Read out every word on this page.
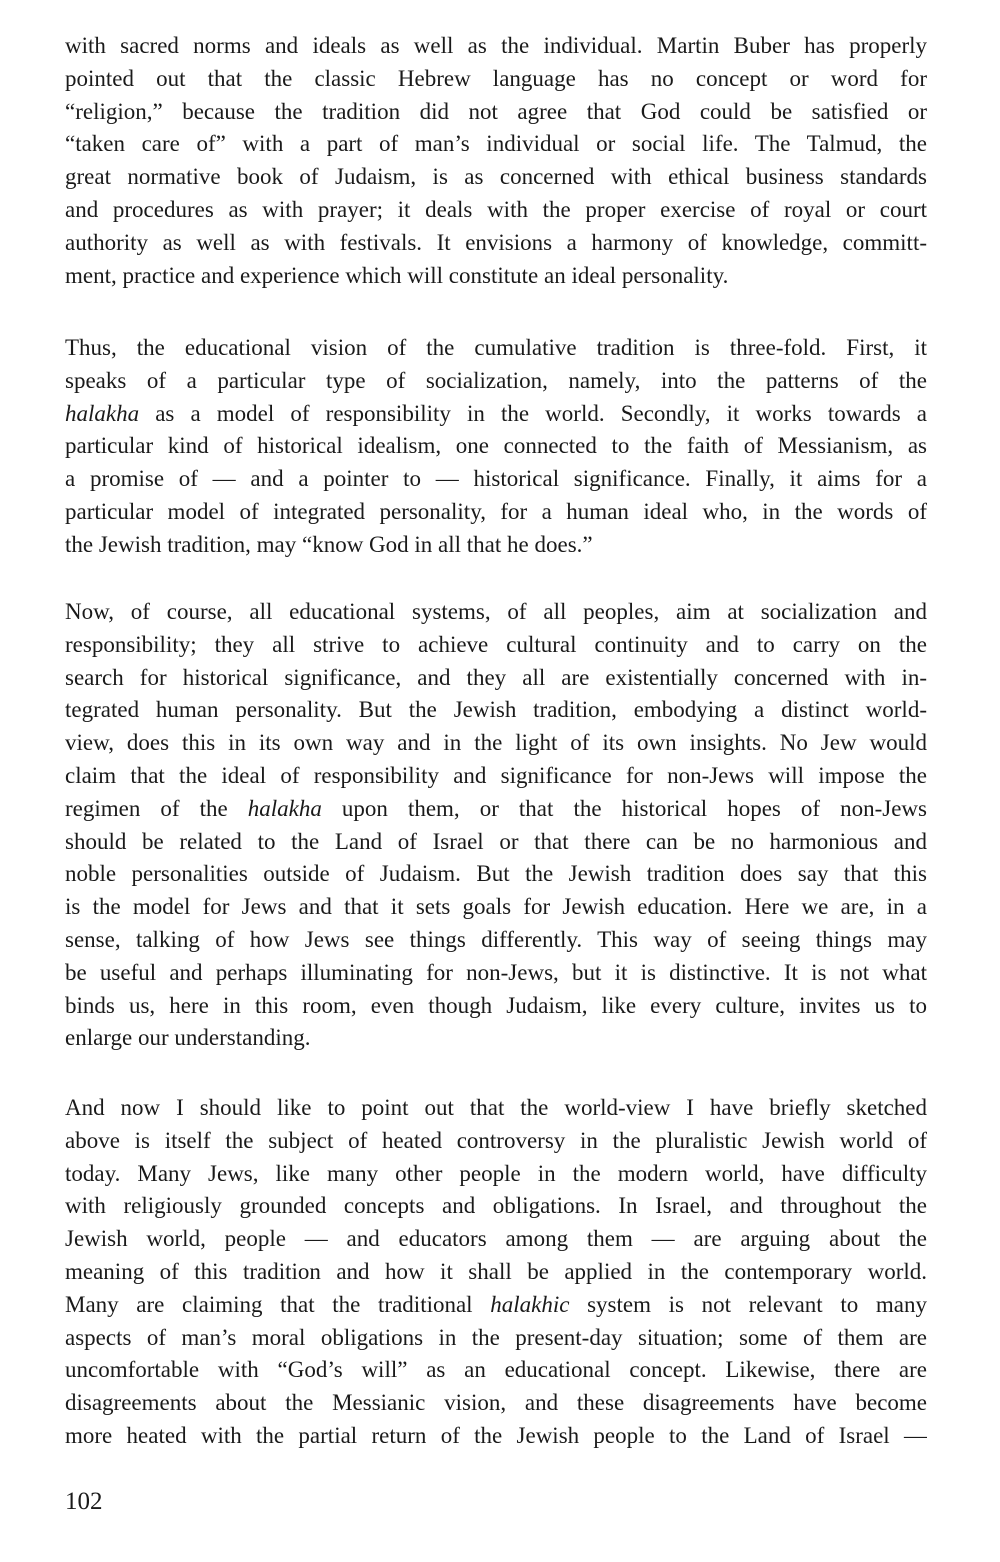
with sacred norms and ideals as well as the individual. Martin Buber has properly
pointed out that the classic Hebrew language has no concept or word for
“religion,” because the tradition did not agree that God could be satisfied or
“taken care of” with a part of man’s individual or social life. The Talmud, the
great normative book of Judaism, is as concerned with ethical business standards
and procedures as with prayer; it deals with the proper exercise of royal or court
authority as well as with festivals. It envisions a harmony of knowledge, committ-
ment, practice and experience which will constitute an ideal personality.
Thus, the educational vision of the cumulative tradition is three-fold. First, it
speaks of a particular type of socialization, namely, into the patterns of the
halakha as a model of responsibility in the world. Secondly, it works towards a
particular kind of historical idealism, one connected to the faith of Messianism, as
a promise of — and a pointer to — historical significance. Finally, it aims for a
particular model of integrated personality, for a human ideal who, in the words of
the Jewish tradition, may “know God in all that he does.”
Now, of course, all educational systems, of all peoples, aim at socialization and
responsibility; they all strive to achieve cultural continuity and to carry on the
search for historical significance, and they all are existentially concerned with in-
tegrated human personality. But the Jewish tradition, embodying a distinct world-
view, does this in its own way and in the light of its own insights. No Jew would
claim that the ideal of responsibility and significance for non-Jews will impose the
regimen of the halakha upon them, or that the historical hopes of non-Jews
should be related to the Land of Israel or that there can be no harmonious and
noble personalities outside of Judaism. But the Jewish tradition does say that this
is the model for Jews and that it sets goals for Jewish education. Here we are, in a
sense, talking of how Jews see things differently. This way of seeing things may
be useful and perhaps illuminating for non-Jews, but it is distinctive. It is not what
binds us, here in this room, even though Judaism, like every culture, invites us to
enlarge our understanding.
And now I should like to point out that the world-view I have briefly sketched
above is itself the subject of heated controversy in the pluralistic Jewish world of
today. Many Jews, like many other people in the modern world, have difficulty
with religiously grounded concepts and obligations. In Israel, and throughout the
Jewish world, people — and educators among them — are arguing about the
meaning of this tradition and how it shall be applied in the contemporary world.
Many are claiming that the traditional halakhic system is not relevant to many
aspects of man’s moral obligations in the present-day situation; some of them are
uncomfortable with “God’s will” as an educational concept. Likewise, there are
disagreements about the Messianic vision, and these disagreements have become
more heated with the partial return of the Jewish people to the Land of Israel —
102
